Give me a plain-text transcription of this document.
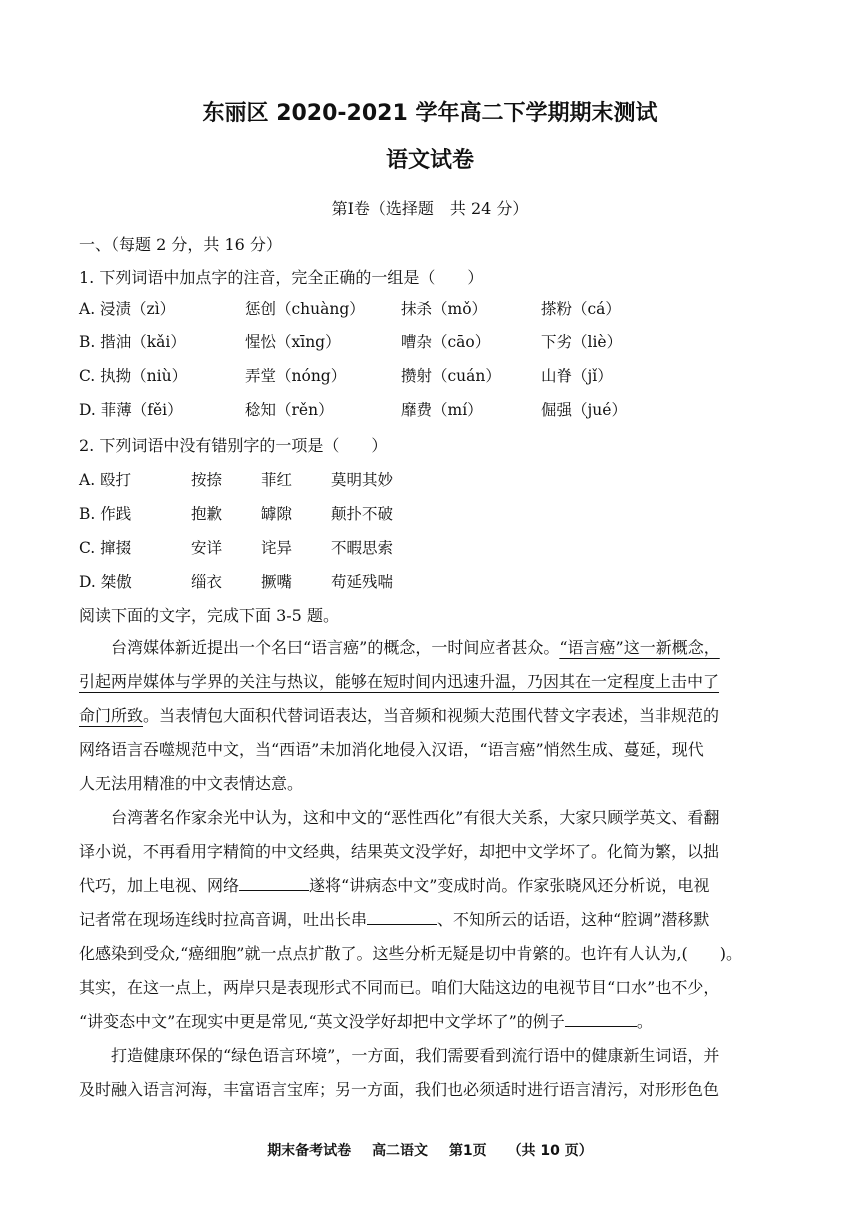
东丽区 2020-2021 学年高二下学期期末测试
语文试卷
第Ⅰ卷（选择题　共 24 分）
一、（每题 2 分，共 16 分）
1. 下列词语中加点字的注音，完全正确的一组是（　　）
A. 浸渍（zì）	惩创（chuàng） 抹杀（mǒ）	搽粉（cá）
B. 揩油（kǎi）	惺忪（xīng）	嘈杂（cāo）	下劣（liè）
C. 执拗（niù）	弄堂（nóng）	攒射（cuán）	山脊（jǐ）
D. 菲薄（fěi）	稔知（rěn）	靡费（mí）	倔强（jué）
2. 下列词语中没有错别字的一项是（　　）
A. 殴打	按捺	菲红	莫明其妙
B. 作践	抱歉	罅隙	颠扑不破
C. 撺掇	安详	诧异	不暇思索
D. 桀傲	缁衣	撅嘴	苟延残喘
阅读下面的文字，完成下面 3-5 题。

台湾媒体新近提出一个名曰“语言癌”的概念，一时间应者甚众。“语言癌”这一新概念，

引起两岸媒体与学界的关注与热议，能够在短时间内迅速升温，乃因其在一定程度上击中了

命门所致。当表情包大面积代替词语表达，当音频和视频大范围代替文字表述，当非规范的

网络语言吞噬规范中文，当“西语”未加消化地侵入汉语，“语言癌”悄然生成、蔓延，现代

人无法用精准的中文表情达意。

台湾著名作家余光中认为，这和中文的“恶性西化”有很大关系，大家只顾学英文、看翻

译小说，不再看用字精简的中文经典，结果英文没学好，却把中文学坏了。化简为繁，以拙

代巧，加上电视、网络	遂将“讲病态中文”变成时尚。作家张晓风还分析说，电视

记者常在现场连线时拉高音调，吐出长串	、不知所云的话语，这种“腔调”潜移默

化感染到受众,“癌细胞”就一点点扩散了。这些分析无疑是切中肯綮的。也许有人认为,(　　)。

其实，在这一点上，两岸只是表现形式不同而已。咱们大陆这边的电视节目“口水”也不少，

“讲变态中文”在现实中更是常见,“英文没学好却把中文学坏了”的例子	。

打造健康环保的“绿色语言环境”，一方面，我们需要看到流行语中的健康新生词语，并

及时融入语言河海，丰富语言宝库；另一方面，我们也必须适时进行语言清污，对形形色色

期末备考试卷 高二语文 第1页 （共 10 页）
